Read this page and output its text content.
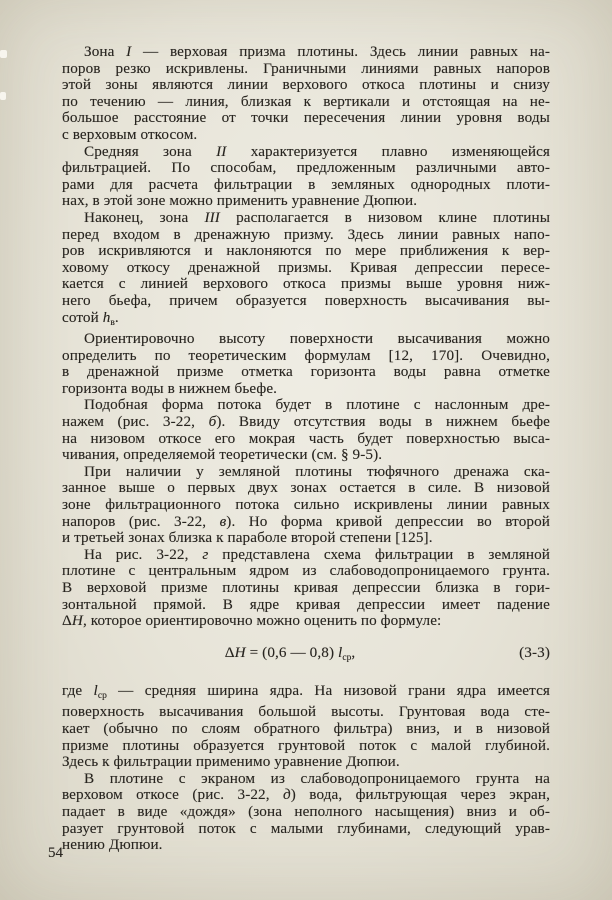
Зона I — верховая призма плотины. Здесь линии равных на-
поров резко искривлены. Граничными линиями равных напоров
этой зоны являются линии верхового откоса плотины и снизу
по течению — линия, близкая к вертикали и отстоящая на не-
большое расстояние от точки пересечения линии уровня воды
с верховым откосом.
Средняя зона II характеризуется плавно изменяющейся
фильтрацией. По способам, предложенным различными авто-
рами для расчета фильтрации в земляных однородных плоти-
нах, в этой зоне можно применить уравнение Дюпюи.
Наконец, зона III располагается в низовом клине плотины
перед входом в дренажную призму. Здесь линии равных напо-
ров искривляются и наклоняются по мере приближения к вер-
ховому откосу дренажной призмы. Кривая депрессии пересе-
кается с линией верхового откоса призмы выше уровня ниж-
него бьефа, причем образуется поверхность высачивания вы-
сотой $h_в$.
Ориентировочно высоту поверхности высачивания можно
определить по теоретическим формулам [12, 170]. Очевидно,
в дренажной призме отметка горизонта воды равна отметке
горизонта воды в нижнем бьефе.
Подобная форма потока будет в плотине с наслонным дре-
нажем (рис. 3-22, б). Ввиду отсутствия воды в нижнем бьефе
на низовом откосе его мокрая часть будет поверхностью выса-
чивания, определяемой теоретически (см. § 9-5).
При наличии у земляной плотины тюфячного дренажа ска-
занное выше о первых двух зонах остается в силе. В низовой
зоне фильтрационного потока сильно искривлены линии равных
напоров (рис. 3-22, в). Но форма кривой депрессии во второй
и третьей зонах близка к параболе второй степени [125].
На рис. 3-22, г представлена схема фильтрации в земляной
плотине с центральным ядром из слабоводопроницаемого грунта.
В верховой призме плотины кривая депрессии близка в гори-
зонтальной прямой. В ядре кривая депрессии имеет падение
ΔH, которое ориентировочно можно оценить по формуле:
ΔH = (0,6 — 0,8) $l_{ср}$,	(3-3)
где $l_{ср}$ — средняя ширина ядра. На низовой грани ядра имеется
поверхность высачивания большой высоты. Грунтовая вода сте-
кает (обычно по слоям обратного фильтра) вниз, и в низовой
призме плотины образуется грунтовой поток с малой глубиной.
Здесь к фильтрации применимо уравнение Дюпюи.
В плотине с экраном из слабоводопроницаемого грунта на
верховом откосе (рис. 3-22, д) вода, фильтрующая через экран,
падает в виде «дождя» (зона неполного насыщения) вниз и об-
разует грунтовой поток с малыми глубинами, следующий урав-
нению Дюпюи.
54
